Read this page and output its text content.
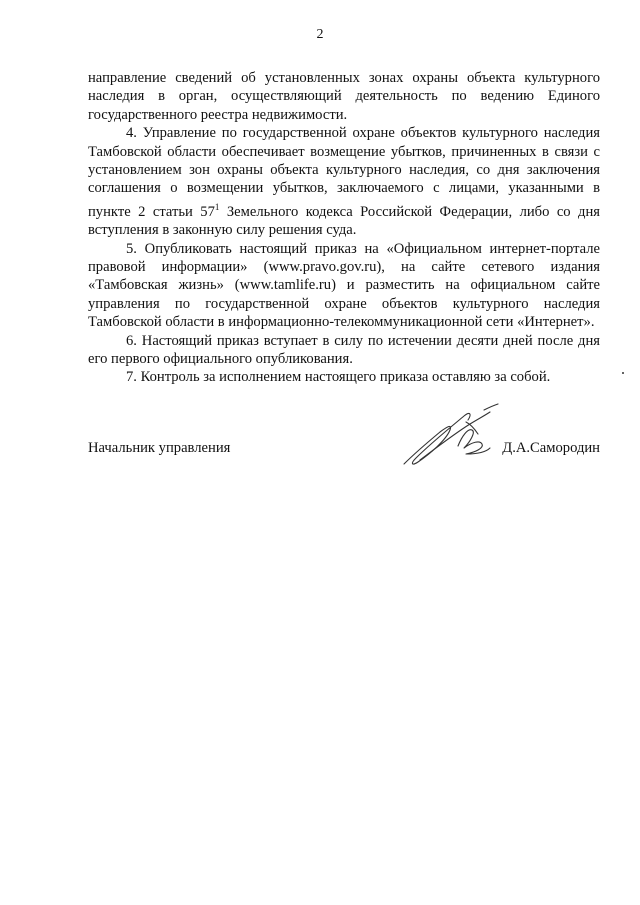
2

направление сведений об установленных зонах охраны объекта культурного наследия в орган, осуществляющий деятельность по ведению Единого государственного реестра недвижимости.

4. Управление по государственной охране объектов культурного наследия Тамбовской области обеспечивает возмещение убытков, причиненных в связи с установлением зон охраны объекта культурного наследия, со дня заключения соглашения о возмещении убытков, заключаемого с лицами, указанными в пункте 2 статьи $57^1$ Земельного кодекса Российской Федерации, либо со дня вступления в законную силу решения суда.

5. Опубликовать настоящий приказ на «Официальном интернет-портале правовой информации» (www.pravo.gov.ru), на сайте сетевого издания «Тамбовская жизнь» (www.tamlife.ru) и разместить на официальном сайте управления по государственной охране объектов культурного наследия Тамбовской области в информационно-телекоммуникационной сети «Интернет».

6. Настоящий приказ вступает в силу по истечении десяти дней после дня его первого официального опубликования.

7. Контроль за исполнением настоящего приказа оставляю за собой.

Начальник управления	Д.А.Самородин
